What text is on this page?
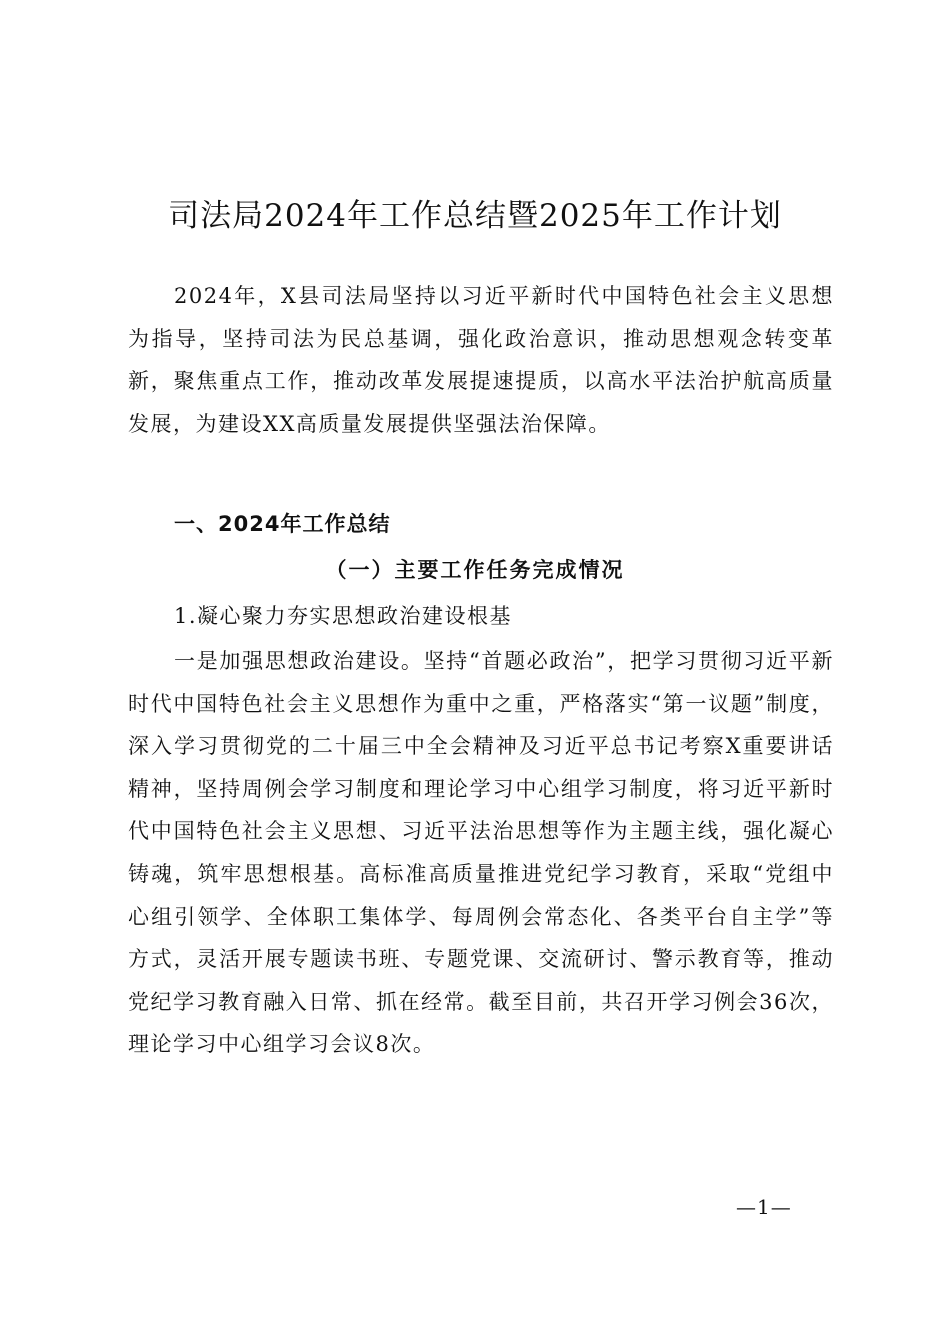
司法局2024年工作总结暨2025年工作计划
2024年，X县司法局坚持以习近平新时代中国特色社会主义思想为指导，坚持司法为民总基调，强化政治意识，推动思想观念转变革新，聚焦重点工作，推动改革发展提速提质，以高水平法治护航高质量发展，为建设XX高质量发展提供坚强法治保障。
一、2024年工作总结
（一）主要工作任务完成情况
1.凝心聚力夯实思想政治建设根基
一是加强思想政治建设。坚持“首题必政治”，把学习贯彻习近平新时代中国特色社会主义思想作为重中之重，严格落实“第一议题”制度，深入学习贯彻党的二十届三中全会精神及习近平总书记考察X重要讲话精神，坚持周例会学习制度和理论学习中心组学习制度，将习近平新时代中国特色社会主义思想、习近平法治思想等作为主题主线，强化凝心铸魂，筑牢思想根基。高标准高质量推进党纪学习教育，采取“党组中心组引领学、全体职工集体学、每周例会常态化、各类平台自主学”等方式，灵活开展专题读书班、专题党课、交流研讨、警示教育等，推动党纪学习教育融入日常、抓在经常。截至目前，共召开学习例会36次，理论学习中心组学习会议8次。
—1—
